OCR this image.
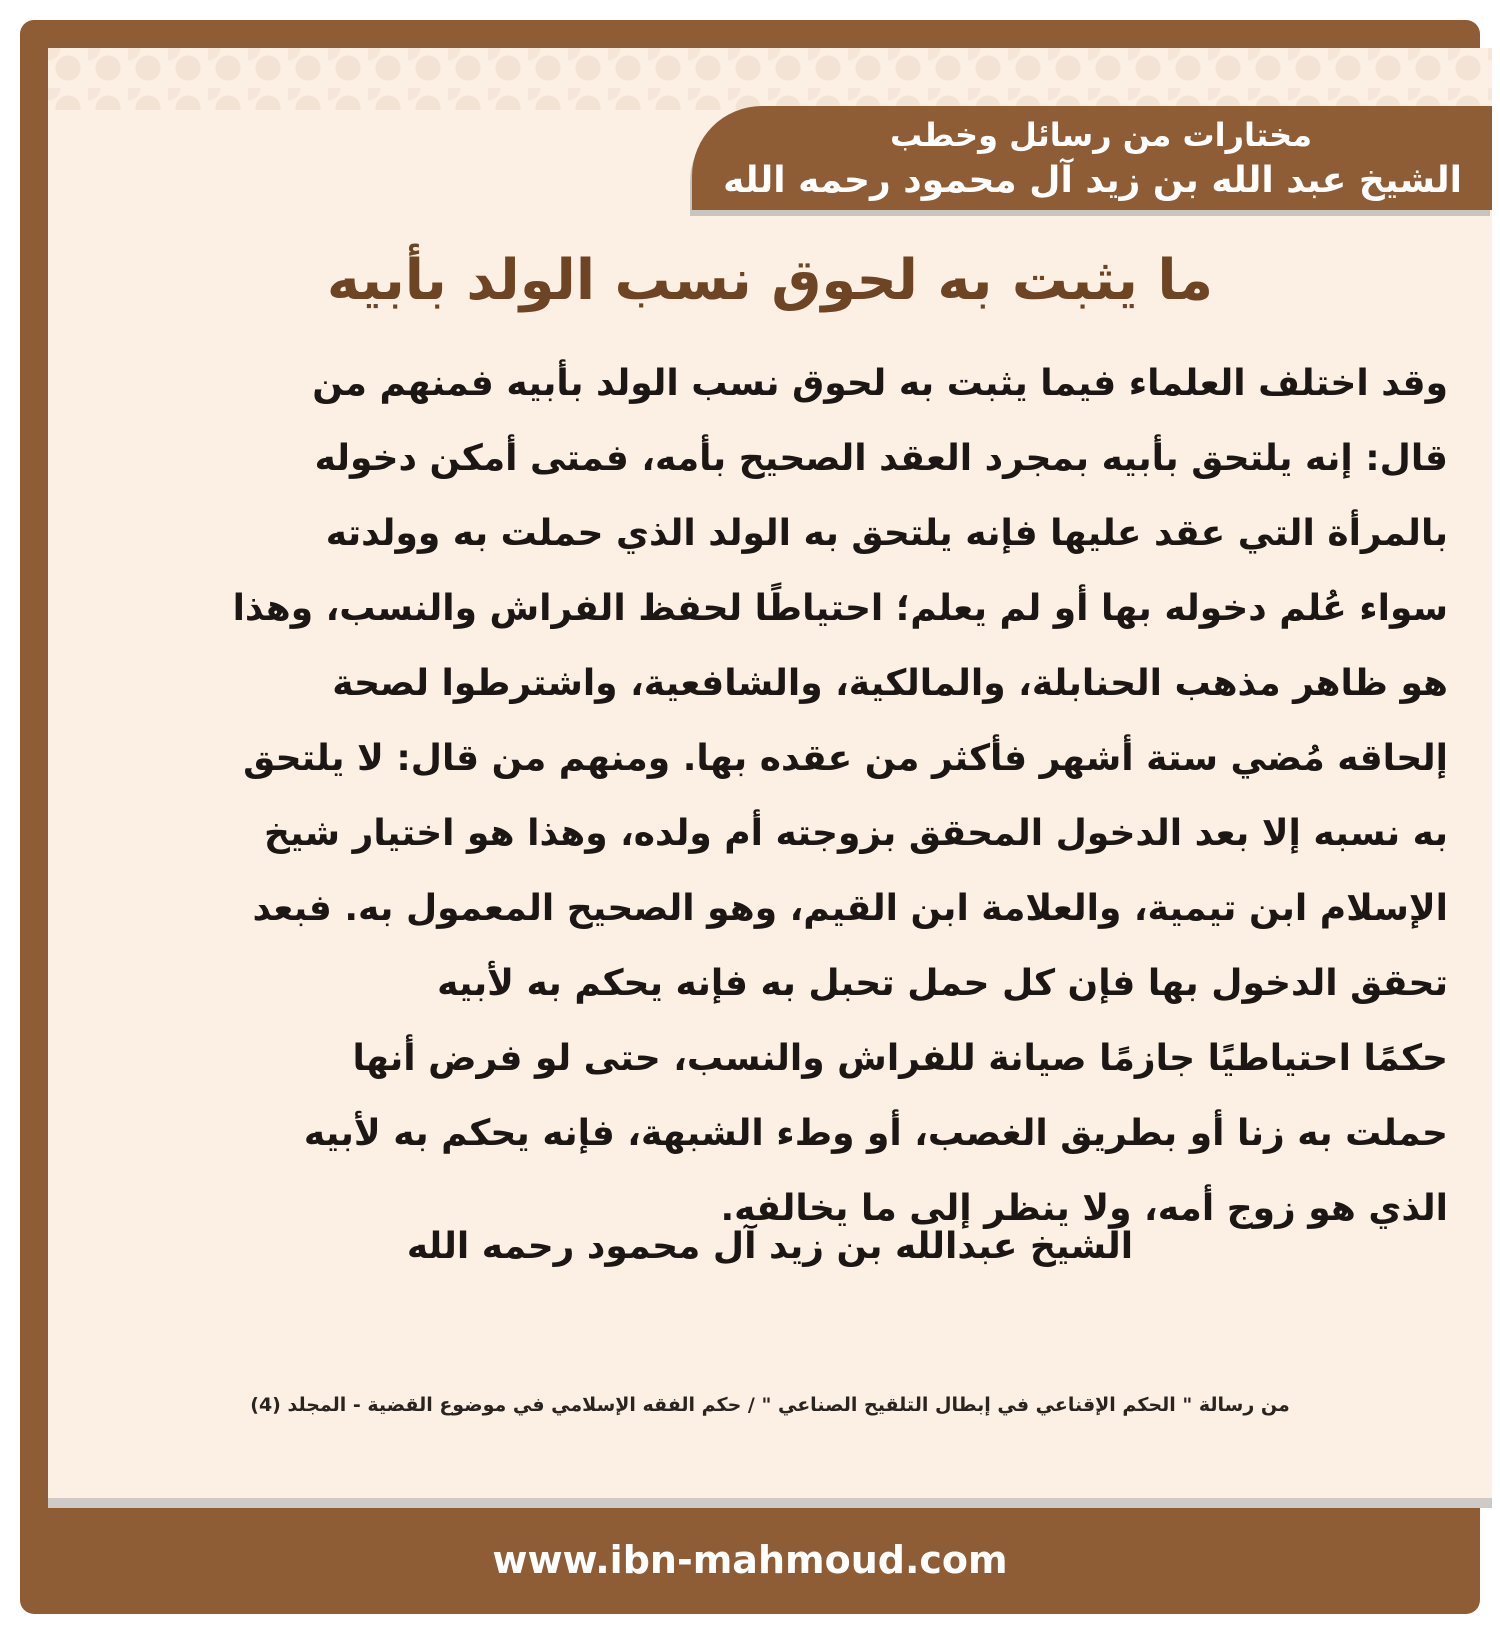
مختارات من رسائل وخطب
الشيخ عبد الله بن زيد آل محمود رحمه الله
ما يثبت به لحوق نسب الولد بأبيه
وقد اختلف العلماء فيما يثبت به لحوق نسب الولد بأبيه فمنهم من
قال: إنه يلتحق بأبيه بمجرد العقد الصحيح بأمه، فمتى أمكن دخوله
بالمرأة التي عقد عليها فإنه يلتحق به الولد الذي حملت به وولدته
سواء عُلم دخوله بها أو لم يعلم؛ احتياطًا لحفظ الفراش والنسب، وهذا
هو ظاهر مذهب الحنابلة، والمالكية، والشافعية، واشترطوا لصحة
إلحاقه مُضي ستة أشهر فأكثر من عقده بها. ومنهم من قال: لا يلتحق
به نسبه إلا بعد الدخول المحقق بزوجته أم ولده، وهذا هو اختيار شيخ
الإسلام ابن تيمية، والعلامة ابن القيم، وهو الصحيح المعمول به. فبعد
تحقق الدخول بها فإن كل حمل تحبل به فإنه يحكم به لأبيه
حكمًا احتياطيًا جازمًا صيانة للفراش والنسب، حتى لو فرض أنها
حملت به زنا أو بطريق الغصب، أو وطء الشبهة، فإنه يحكم به لأبيه
الذي هو زوج أمه، ولا ينظر إلى ما يخالفه.
الشيخ عبدالله بن زيد آل محمود رحمه الله
من رسالة " الحكم الإقناعي في إبطال التلقيح الصناعي " / حكم الفقه الإسلامي في موضوع القضية - المجلد (4)
www.ibn-mahmoud.com
